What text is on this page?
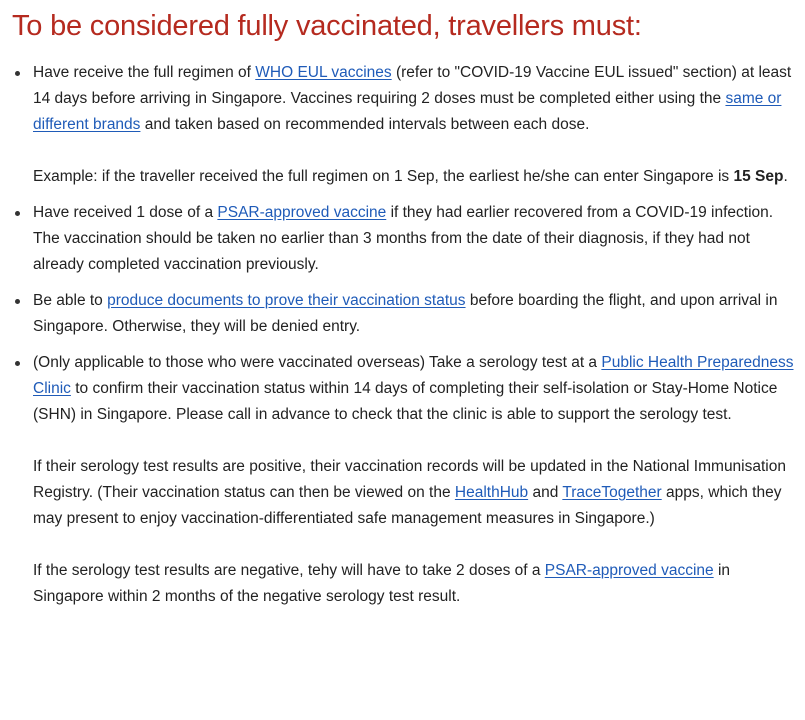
To be considered fully vaccinated, travellers must:

Have receive the full regimen of WHO EUL vaccines (refer to "COVID-19 Vaccine EUL issued" section) at least 14 days before arriving in Singapore. Vaccines requiring 2 doses must be completed either using the same or different brands and taken based on recommended intervals between each dose.

Example: if the traveller received the full regimen on 1 Sep, the earliest he/she can enter Singapore is 15 Sep.

Have received 1 dose of a PSAR-approved vaccine if they had earlier recovered from a COVID-19 infection. The vaccination should be taken no earlier than 3 months from the date of their diagnosis, if they had not already completed vaccination previously.

Be able to produce documents to prove their vaccination status before boarding the flight, and upon arrival in Singapore. Otherwise, they will be denied entry.

(Only applicable to those who were vaccinated overseas) Take a serology test at a Public Health Preparedness Clinic to confirm their vaccination status within 14 days of completing their self-isolation or Stay-Home Notice (SHN) in Singapore. Please call in advance to check that the clinic is able to support the serology test.

If their serology test results are positive, their vaccination records will be updated in the National Immunisation Registry. (Their vaccination status can then be viewed on the HealthHub and TraceTogether apps, which they may present to enjoy vaccination-differentiated safe management measures in Singapore.)

If the serology test results are negative, tehy will have to take 2 doses of a PSAR-approved vaccine in Singapore within 2 months of the negative serology test result.
